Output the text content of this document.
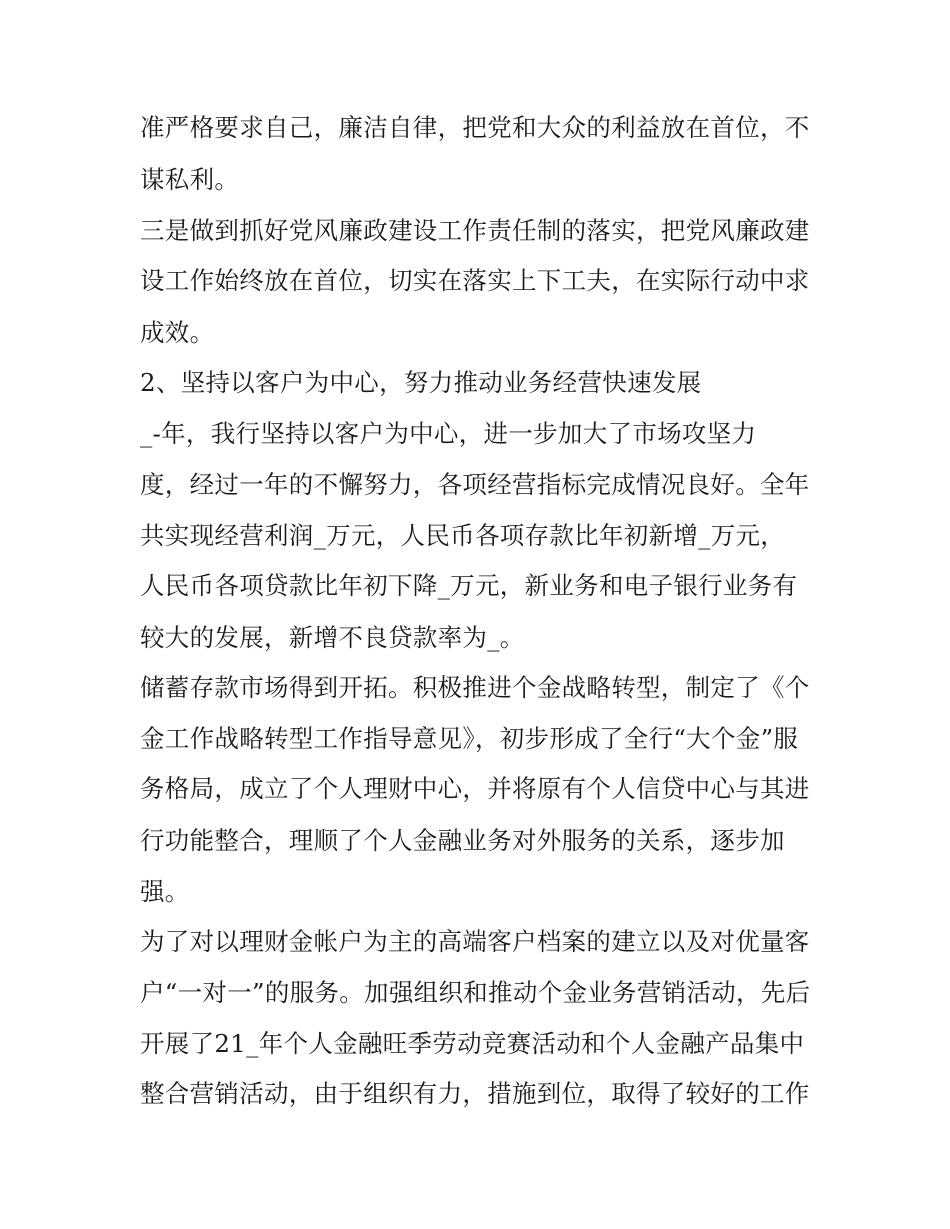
准严格要求自己，廉洁自律，把党和大众的利益放在首位，不

谋私利。

三是做到抓好党风廉政建设工作责任制的落实，把党风廉政建

设工作始终放在首位，切实在落实上下工夫，在实际行动中求

成效。

2、坚持以客户为中心，努力推动业务经营快速发展

_-年，我行坚持以客户为中心，进一步加大了市场攻坚力

度，经过一年的不懈努力，各项经营指标完成情况良好。全年

共实现经营利润_万元，人民币各项存款比年初新增_万元，

人民币各项贷款比年初下降_万元，新业务和电子银行业务有

较大的发展，新增不良贷款率为_。

储蓄存款市场得到开拓。积极推进个金战略转型，制定了《个

金工作战略转型工作指导意见》，初步形成了全行“大个金”服

务格局，成立了个人理财中心，并将原有个人信贷中心与其进

行功能整合，理顺了个人金融业务对外服务的关系，逐步加

强。

为了对以理财金帐户为主的高端客户档案的建立以及对优量客

户“一对一”的服务。加强组织和推动个金业务营销活动，先后

开展了21_年个人金融旺季劳动竞赛活动和个人金融产品集中

整合营销活动，由于组织有力，措施到位，取得了较好的工作
